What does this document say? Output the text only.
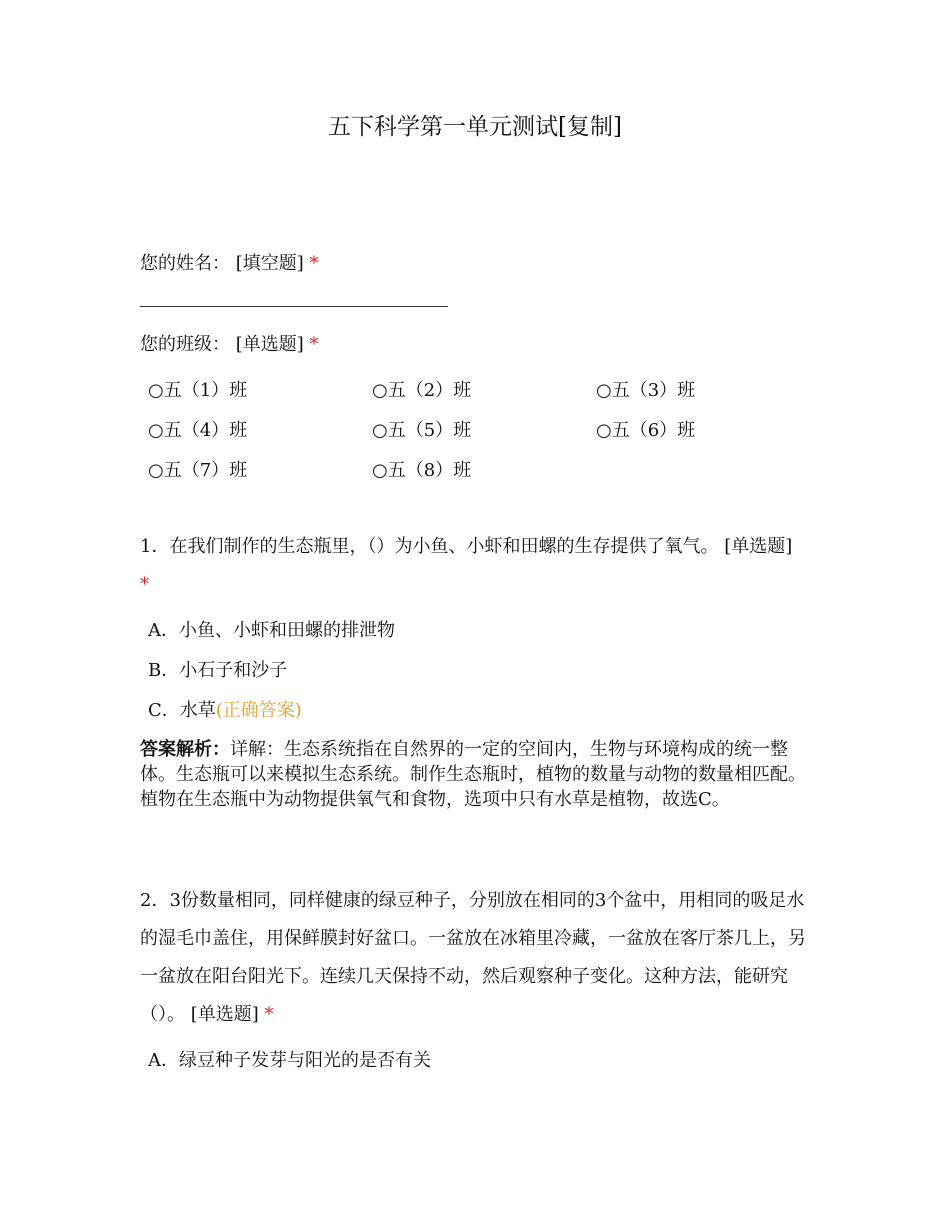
五下科学第一单元测试[复制]
您的姓名： [填空题] *
您的班级： [单选题] *
○五（1）班	○五（2）班	○五（3）班
○五（4）班	○五（5）班	○五（6）班
○五（7）班	○五（8）班
1．在我们制作的生态瓶里，（）为小鱼、小虾和田螺的生存提供了氧气。 [单选题] *
A．小鱼、小虾和田螺的排泄物
B．小石子和沙子
C．水草(正确答案)
答案解析：详解：生态系统指在自然界的一定的空间内，生物与环境构成的统一整体。生态瓶可以来模拟生态系统。制作生态瓶时，植物的数量与动物的数量相匹配。植物在生态瓶中为动物提供氧气和食物，选项中只有水草是植物，故选C。
2．3份数量相同，同样健康的绿豆种子，分别放在相同的3个盆中，用相同的吸足水的湿毛巾盖住，用保鲜膜封好盆口。一盆放在冰箱里冷藏，一盆放在客厅茶几上，另一盆放在阳台阳光下。连续几天保持不动，然后观察种子变化。这种方法，能研究　（）。 [单选题] *
A．绿豆种子发芽与阳光的是否有关
